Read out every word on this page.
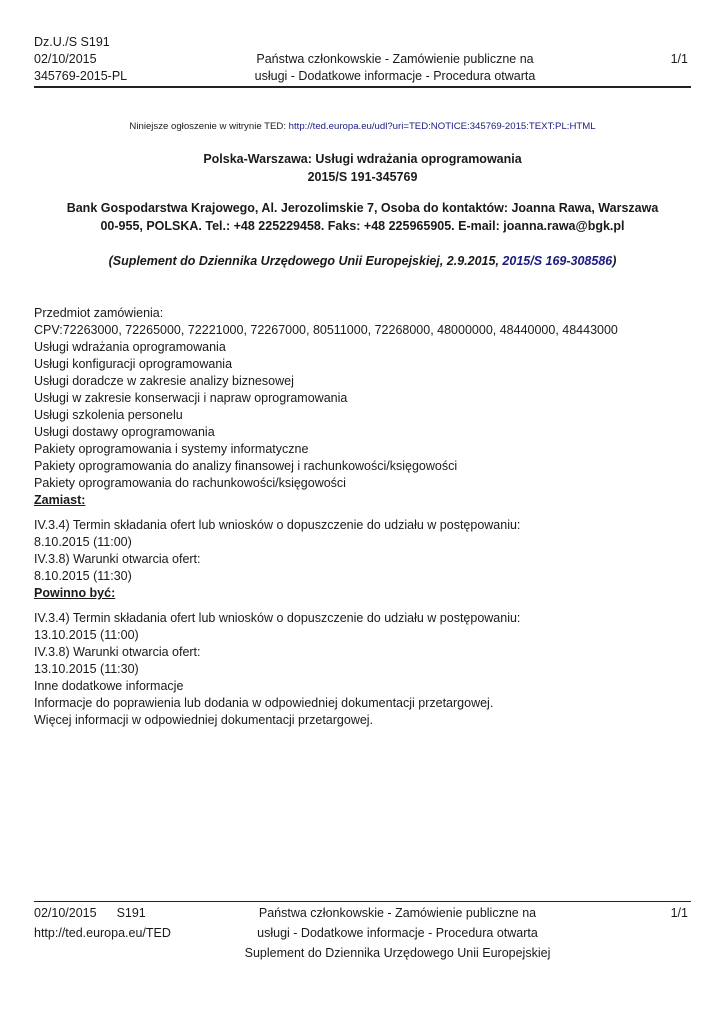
Dz.U./S S191
02/10/2015
345769-2015-PL
Państwa członkowskie - Zamówienie publiczne na
usługi - Dodatkowe informacje - Procedura otwarta
1/1
Niniejsze ogłoszenie w witrynie TED: http://ted.europa.eu/udl?uri=TED:NOTICE:345769-2015:TEXT:PL:HTML
Polska-Warszawa: Usługi wdrażania oprogramowania
2015/S 191-345769
Bank Gospodarstwa Krajowego, Al. Jerozolimskie 7, Osoba do kontaktów: Joanna Rawa, Warszawa
00-955, POLSKA. Tel.: +48 225229458. Faks: +48 225965905. E-mail: joanna.rawa@bgk.pl
(Suplement do Dziennika Urzędowego Unii Europejskiej, 2.9.2015, 2015/S 169-308586)
Przedmiot zamówienia:
CPV:72263000, 72265000, 72221000, 72267000, 80511000, 72268000, 48000000, 48440000, 48443000
Usługi wdrażania oprogramowania
Usługi konfiguracji oprogramowania
Usługi doradcze w zakresie analizy biznesowej
Usługi w zakresie konserwacji i napraw oprogramowania
Usługi szkolenia personelu
Usługi dostawy oprogramowania
Pakiety oprogramowania i systemy informatyczne
Pakiety oprogramowania do analizy finansowej i rachunkowości/księgowości
Pakiety oprogramowania do rachunkowości/księgowości
Zamiast:
IV.3.4) Termin składania ofert lub wniosków o dopuszczenie do udziału w postępowaniu:
8.10.2015 (11:00)
IV.3.8) Warunki otwarcia ofert:
8.10.2015 (11:30)
Powinno być:
IV.3.4) Termin składania ofert lub wniosków o dopuszczenie do udziału w postępowaniu:
13.10.2015 (11:00)
IV.3.8) Warunki otwarcia ofert:
13.10.2015 (11:30)
Inne dodatkowe informacje
Informacje do poprawienia lub dodania w odpowiedniej dokumentacji przetargowej.
Więcej informacji w odpowiedniej dokumentacji przetargowej.
02/10/2015 S191
http://ted.europa.eu/TED
Państwa członkowskie - Zamówienie publiczne na
usługi - Dodatkowe informacje - Procedura otwarta
Suplement do Dziennika Urzędowego Unii Europejskiej
1/1
